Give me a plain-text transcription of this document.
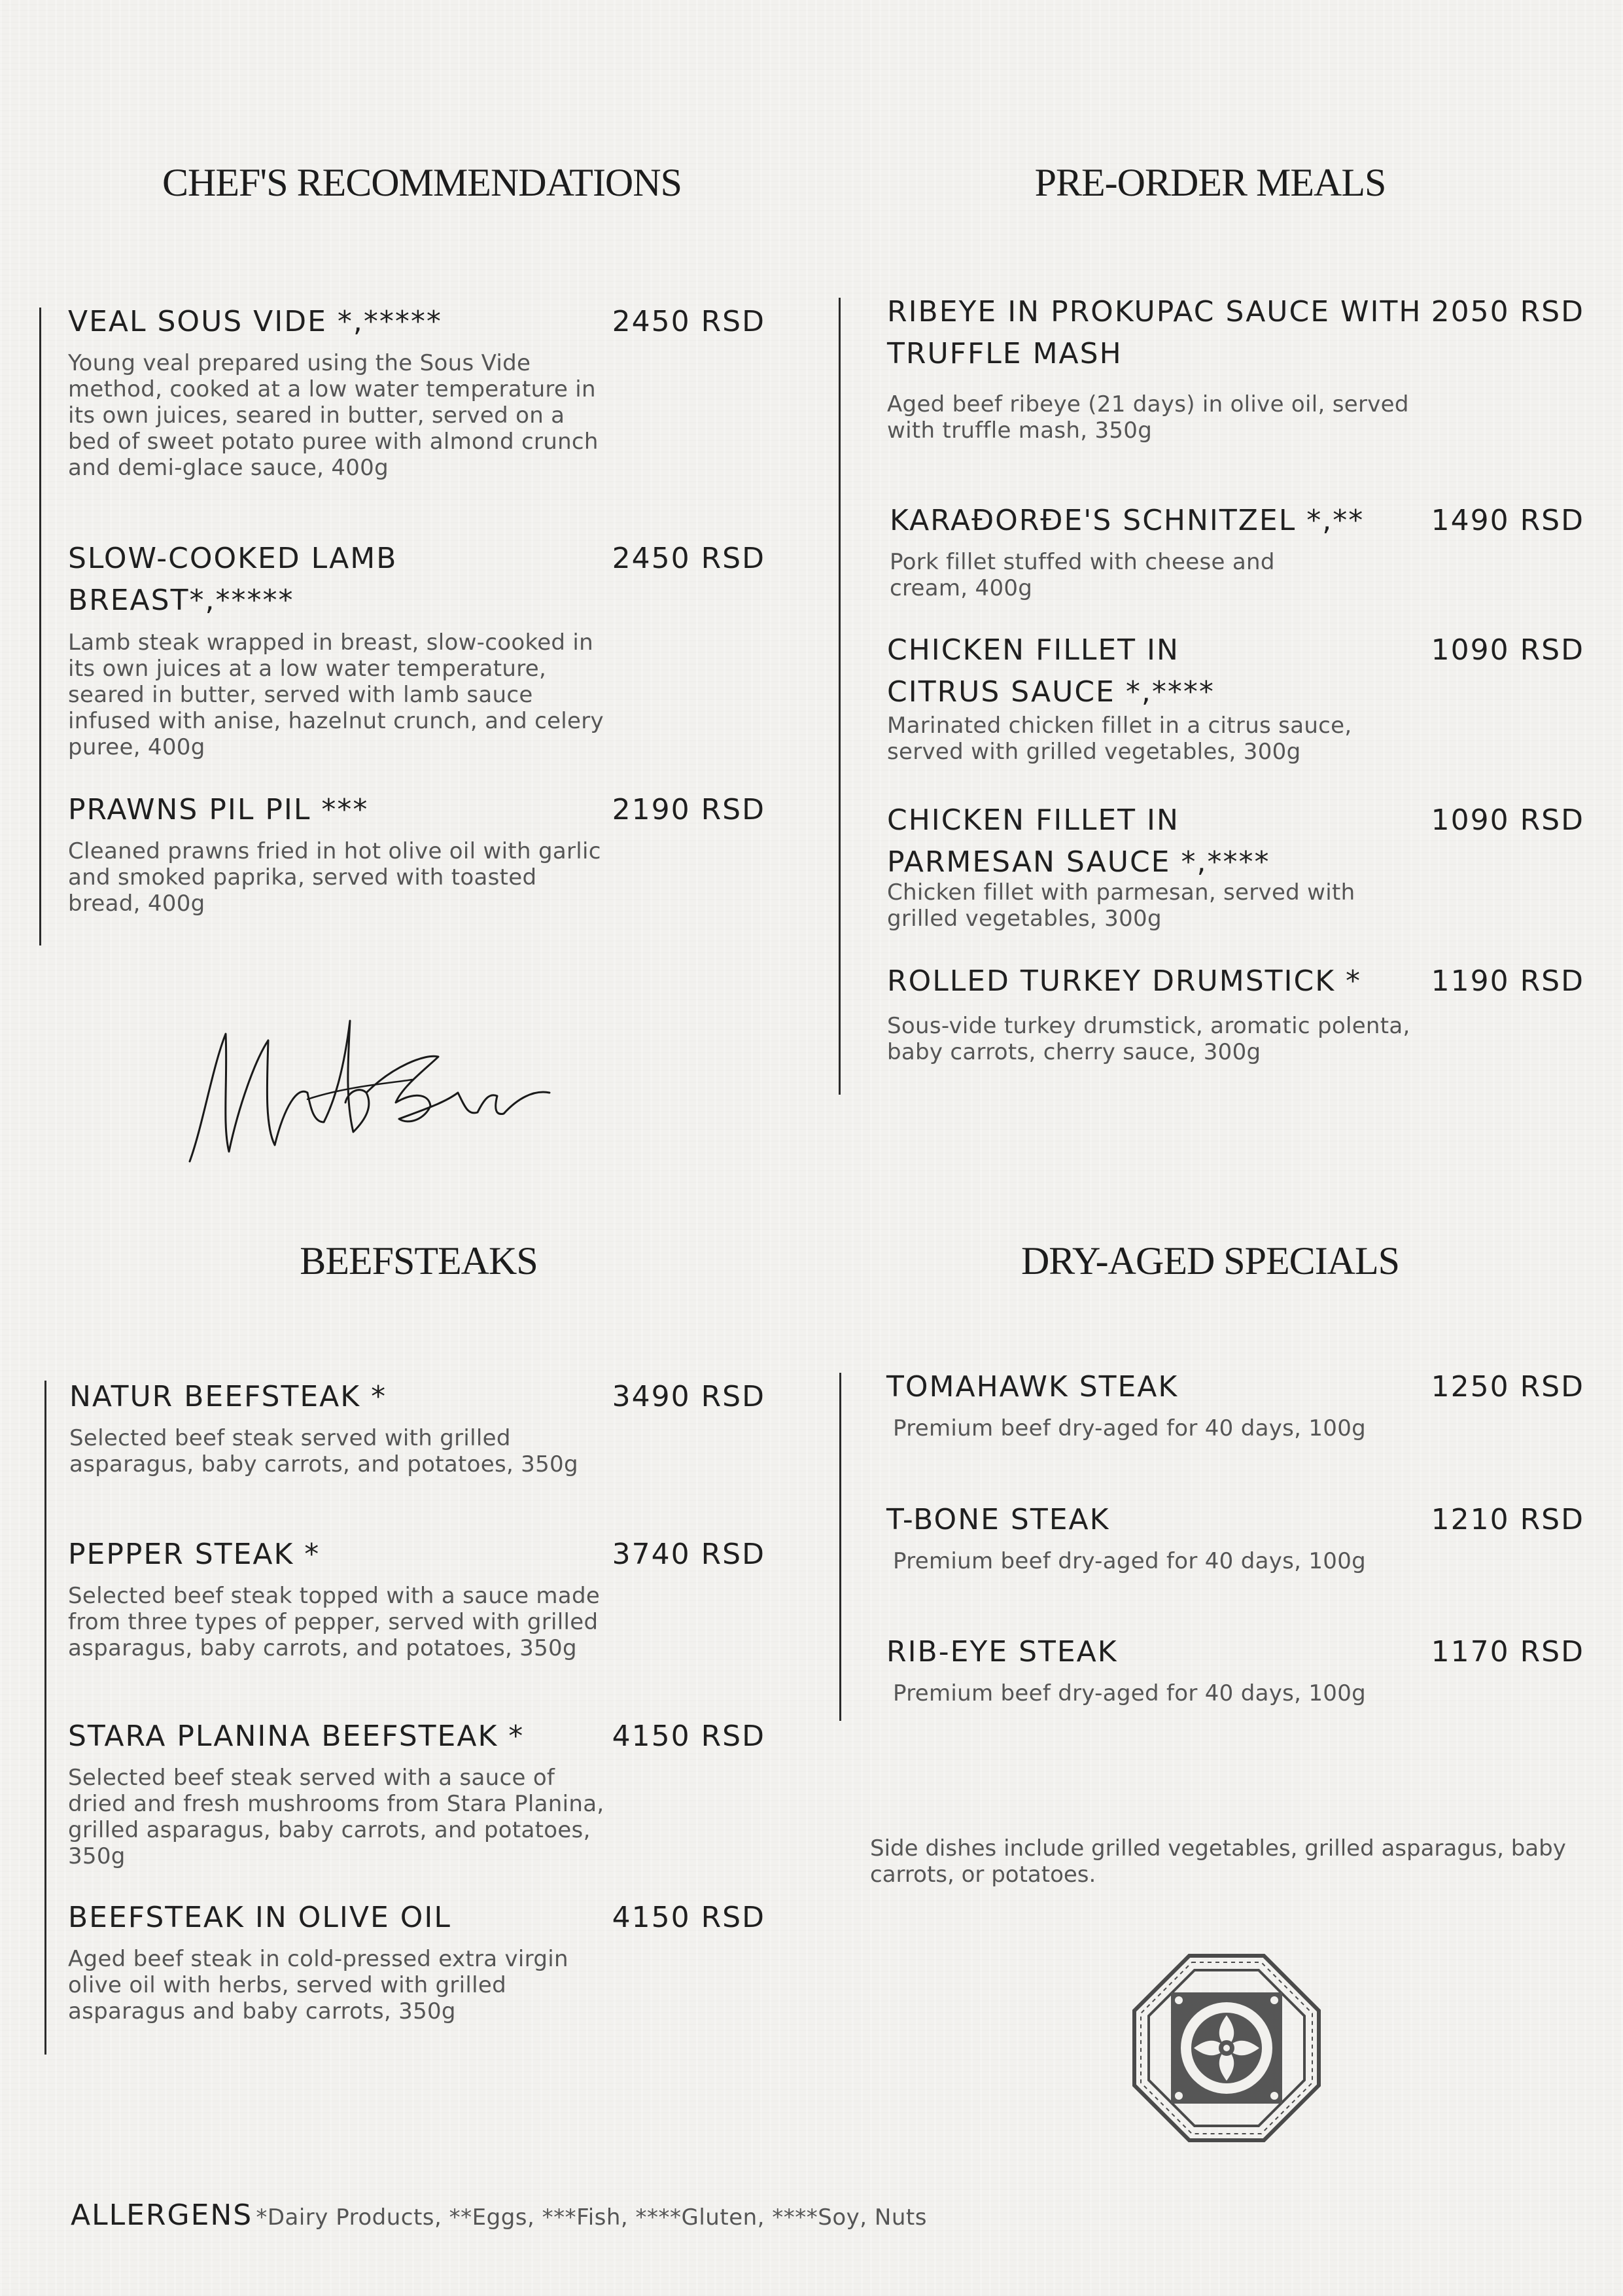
CHEF'S RECOMMENDATIONS
VEAL SOUS VIDE *,*****	2450 RSD

Young veal prepared using the Sous Vide method, cooked at a low water temperature in its own juices, seared in butter, served on a bed of sweet potato puree with almond crunch and demi-glace sauce, 400g

SLOW-COOKED LAMB BREAST*,*****
2450 RSD

Lamb steak wrapped in breast, slow-cooked in its own juices at a low water temperature, seared in butter, served with lamb sauce infused with anise, hazelnut crunch, and celery puree, 400g

PRAWNS PIL PIL ***	2190 RSD

Cleaned prawns fried in hot olive oil with garlic and smoked paprika, served with toasted bread, 400g

PRE-ORDER MEALS
RIBEYE IN PROKUPAC SAUCE WITH TRUFFLE MASH
2050 RSD

Aged beef ribeye (21 days) in olive oil, served with truffle mash, 350g

KARAĐORĐE'S SCHNITZEL *,**	1490 RSD

Pork fillet stuffed with cheese and cream, 400g

CHICKEN FILLET IN CITRUS SAUCE *,****
1090 RSD

Marinated chicken fillet in a citrus sauce, served with grilled vegetables, 300g

CHICKEN FILLET IN PARMESAN SAUCE *,****
1090 RSD

Chicken fillet with parmesan, served with grilled vegetables, 300g

ROLLED TURKEY DRUMSTICK *	1190 RSD

Sous-vide turkey drumstick, aromatic polenta, baby carrots, cherry sauce, 300g

BEEFSTEAKS
NATUR BEEFSTEAK *	3490 RSD

Selected beef steak served with grilled asparagus, baby carrots, and potatoes, 350g

PEPPER STEAK *	3740 RSD

Selected beef steak topped with a sauce made from three types of pepper, served with grilled asparagus, baby carrots, and potatoes, 350g

STARA PLANINA BEEFSTEAK *	4150 RSD

Selected beef steak served with a sauce of dried and fresh mushrooms from Stara Planina, grilled asparagus, baby carrots, and potatoes, 350g

BEEFSTEAK IN OLIVE OIL	4150 RSD

Aged beef steak in cold-pressed extra virgin olive oil with herbs, served with grilled asparagus and baby carrots, 350g

DRY-AGED SPECIALS
TOMAHAWK STEAK	1250 RSD

Premium beef dry-aged for 40 days, 100g

T-BONE STEAK	1210 RSD

Premium beef dry-aged for 40 days, 100g

RIB-EYE STEAK	1170 RSD

Premium beef dry-aged for 40 days, 100g

Side dishes include grilled vegetables, grilled asparagus, baby carrots, or potatoes.

ALLERGENS *Dairy Products, **Eggs, ***Fish, ****Gluten, ****Soy, Nuts
